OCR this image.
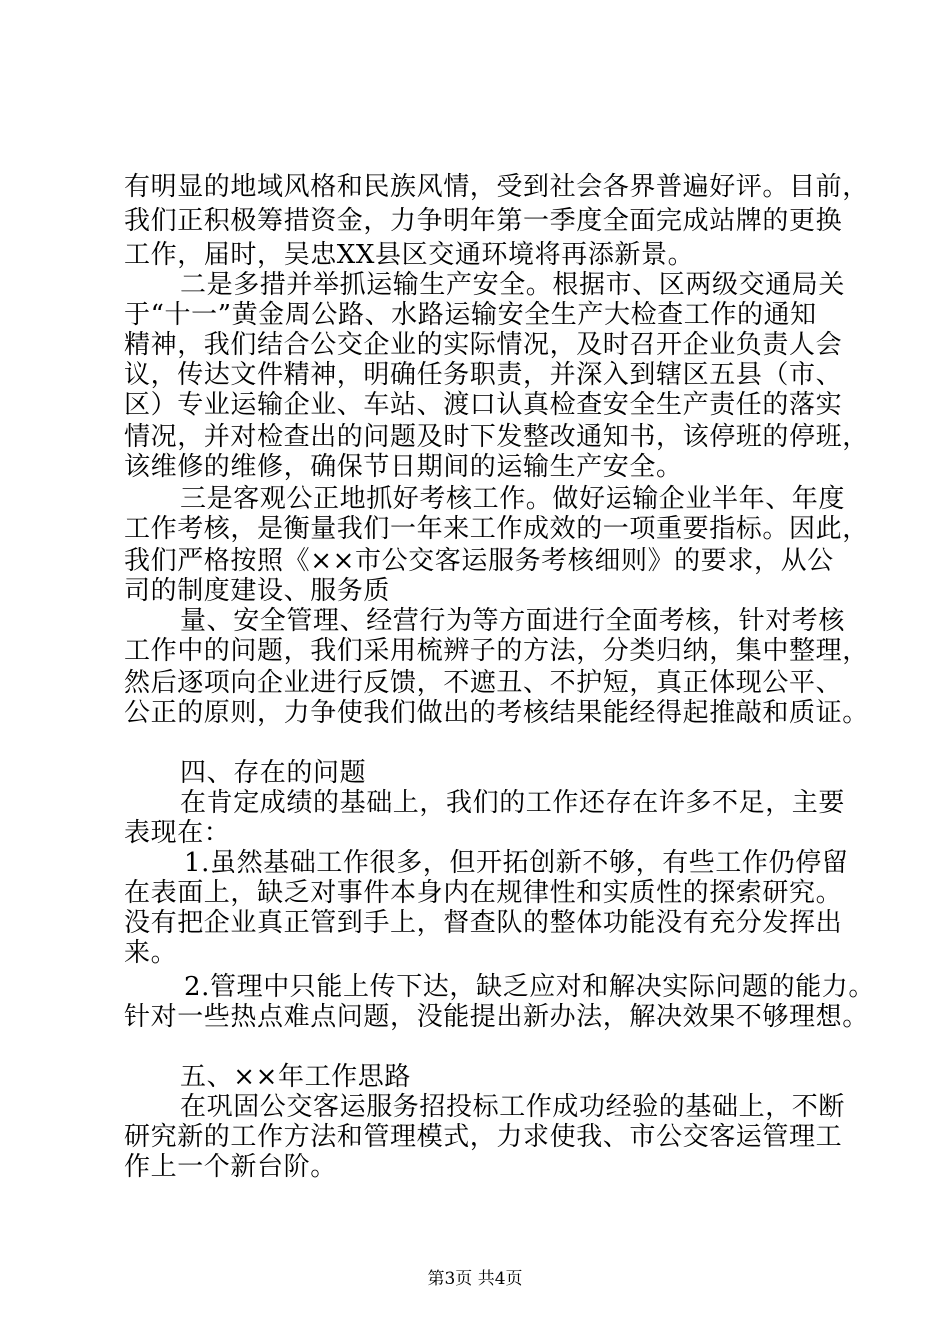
有明显的地域风格和民族风情，受到社会各界普遍好评。目前，

我们正积极筹措资金，力争明年第一季度全面完成站牌的更换

工作，届时，吴忠XX县区交通环境将再添新景。

二是多措并举抓运输生产安全。根据市、区两级交通局关

于“十一”黄金周公路、水路运输安全生产大检查工作的通知

精神，我们结合公交企业的实际情况，及时召开企业负责人会

议，传达文件精神，明确任务职责，并深入到辖区五县（市、

区）专业运输企业、车站、渡口认真检查安全生产责任的落实

情况，并对检查出的问题及时下发整改通知书，该停班的停班，

该维修的维修，确保节日期间的运输生产安全。

三是客观公正地抓好考核工作。做好运输企业半年、年度

工作考核，是衡量我们一年来工作成效的一项重要指标。因此，

我们严格按照《××市公交客运服务考核细则》的要求，从公

司的制度建设、服务质

量、安全管理、经营行为等方面进行全面考核，针对考核

工作中的问题，我们采用梳辨子的方法，分类归纳，集中整理，

然后逐项向企业进行反馈，不遮丑、不护短，真正体现公平、

公正的原则，力争使我们做出的考核结果能经得起推敲和质证。

四、存在的问题

在肯定成绩的基础上，我们的工作还存在许多不足，主要

表现在：

1.虽然基础工作很多，但开拓创新不够，有些工作仍停留

在表面上，缺乏对事件本身内在规律性和实质性的探索研究。

没有把企业真正管到手上，督查队的整体功能没有充分发挥出

来。

2.管理中只能上传下达，缺乏应对和解决实际问题的能力。

针对一些热点难点问题，没能提出新办法，解决效果不够理想。

五、××年工作思路

在巩固公交客运服务招投标工作成功经验的基础上，不断

研究新的工作方法和管理模式，力求使我、市公交客运管理工

作上一个新台阶。

第3页 共4页
